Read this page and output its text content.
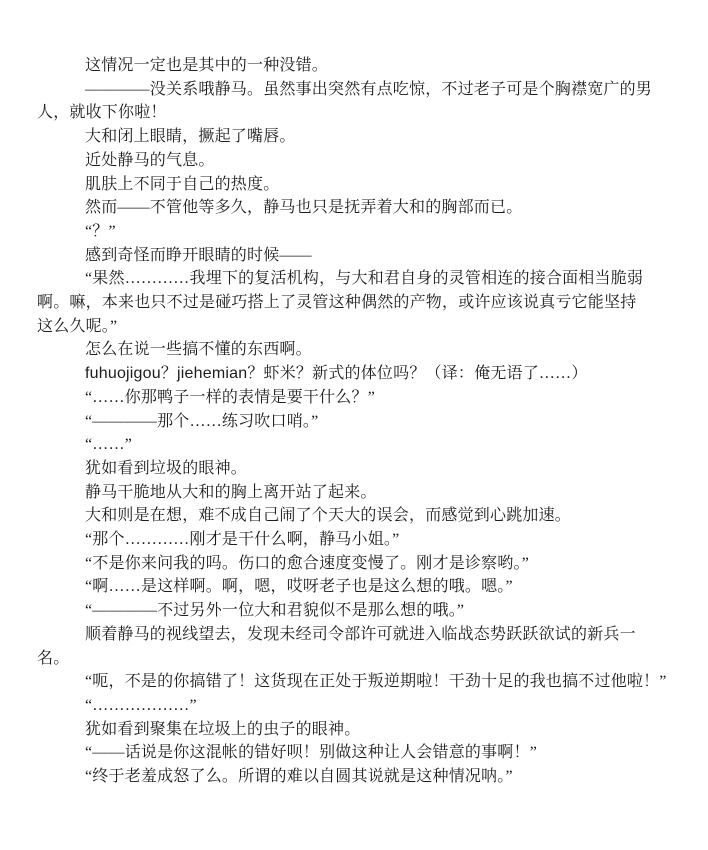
这情况一定也是其中的一种没错。
————没关系哦静马。虽然事出突然有点吃惊，不过老子可是个胸襟宽广的男
人，就收下你啦！
大和闭上眼睛，撅起了嘴唇。
近处静马的气息。
肌肤上不同于自己的热度。
然而——不管他等多久，静马也只是抚弄着大和的胸部而已。
“？”
感到奇怪而睁开眼睛的时候——
“果然…………我埋下的复活机构，与大和君自身的灵管相连的接合面相当脆弱
啊。嘛，本来也只不过是碰巧搭上了灵管这种偶然的产物，或许应该说真亏它能坚持
这么久呢。”
怎么在说一些搞不懂的东西啊。
fuhuojigou？jiehemian？虾米？新式的体位吗？（译：俺无语了……）
“……你那鸭子一样的表情是要干什么？”
“————那个……练习吹口哨。”
“……”
犹如看到垃圾的眼神。
静马干脆地从大和的胸上离开站了起来。
大和则是在想，难不成自己闹了个天大的误会，而感觉到心跳加速。
“那个…………刚才是干什么啊，静马小姐。”
“不是你来问我的吗。伤口的愈合速度变慢了。刚才是诊察哟。”
“啊……是这样啊。啊，嗯，哎呀老子也是这么想的哦。嗯。”
“————不过另外一位大和君貌似不是那么想的哦。”
顺着静马的视线望去，发现未经司令部许可就进入临战态势跃跃欲试的新兵一
名。
“呃，不是的你搞错了！这货现在正处于叛逆期啦！干劲十足的我也搞不过他啦！”
“………………”
犹如看到聚集在垃圾上的虫子的眼神。
“——话说是你这混帐的错好呗！别做这种让人会错意的事啊！”
“终于老羞成怒了么。所谓的难以自圆其说就是这种情况呐。”
